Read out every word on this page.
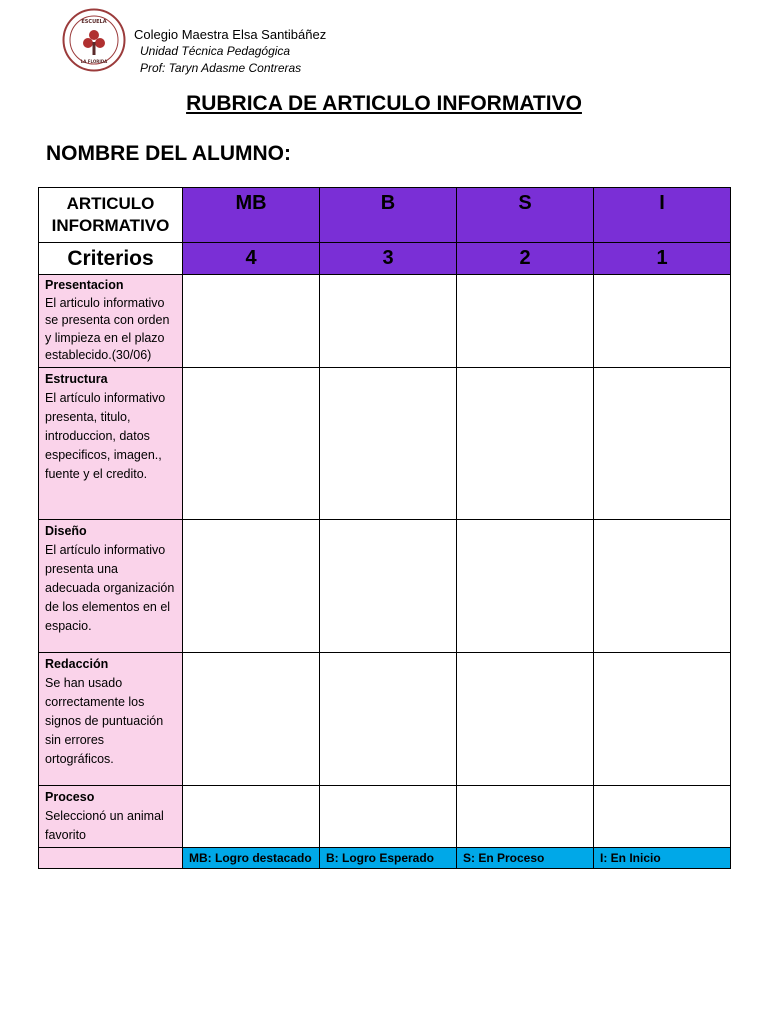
ESCUELA
LA FLORIDA
Colegio Maestra Elsa Santibáñez
Unidad Técnica Pedagógica
Prof: Taryn Adasme Contreras
RUBRICA DE ARTICULO INFORMATIVO
NOMBRE DEL ALUMNO:
ARTICULO INFORMATIVO	MB	B	S	I
Criterios	4	3	2	1

Presentacion
El articulo informativo se presenta con orden y limpieza en el plazo establecido.(30/06)				

Estructura
El artículo informativo presenta, titulo, introduccion, datos especificos, imagen., fuente y el credito.				

Diseño
El artículo informativo presenta una adecuada organización de los elementos en el espacio.				

Redacción
Se han usado correctamente los signos de puntuación sin errores ortográficos.				

Proceso
Seleccionó un animal favorito				

	MB: Logro destacado	B: Logro Esperado	S: En Proceso	I: En Inicio
